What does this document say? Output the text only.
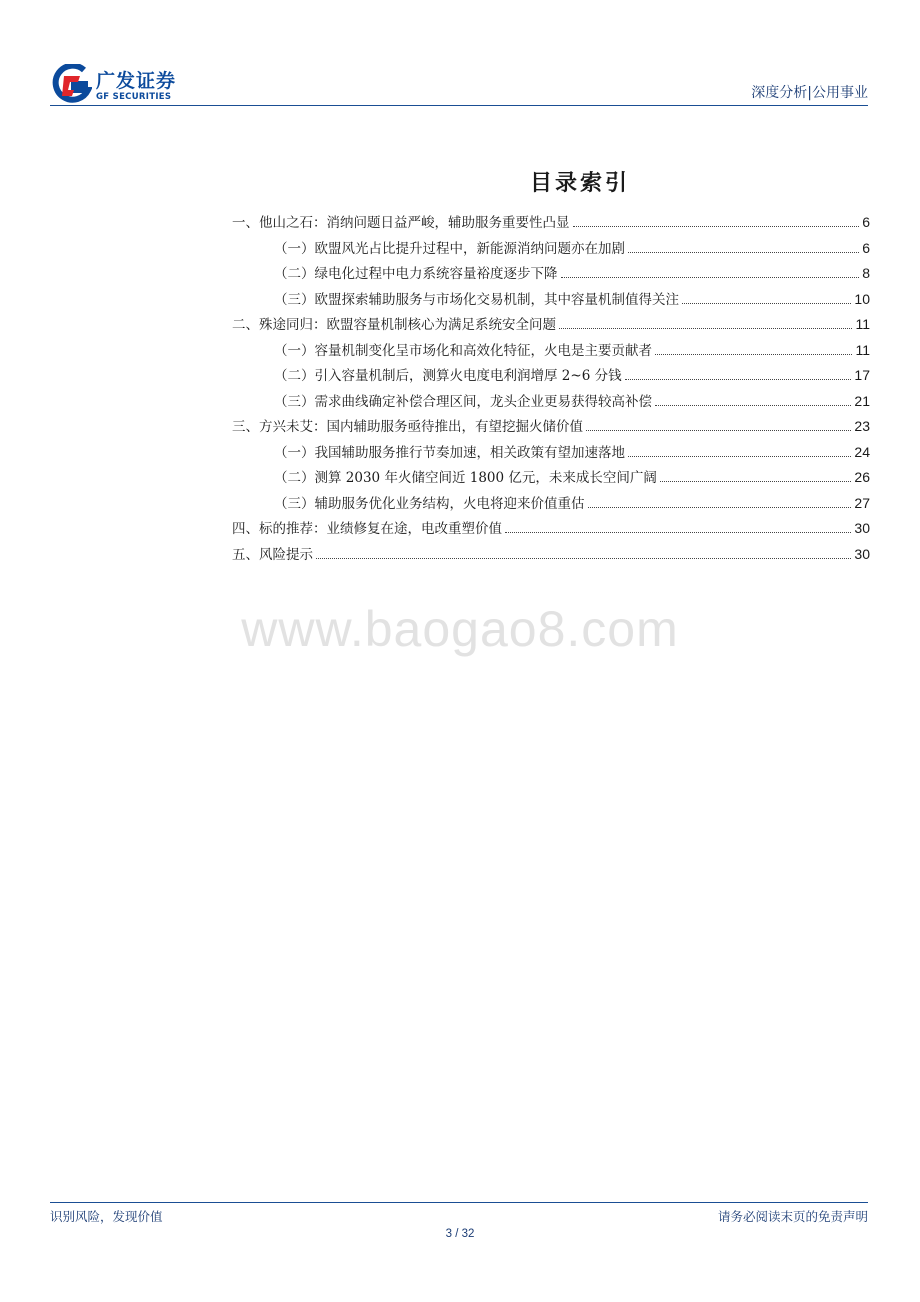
广发证券
GF SECURITIES	深度分析|公用事业
目录索引
一、他山之石：消纳问题日益严峻，辅助服务重要性凸显	6
（一）欧盟风光占比提升过程中，新能源消纳问题亦在加剧	6
（二）绿电化过程中电力系统容量裕度逐步下降	8
（三）欧盟探索辅助服务与市场化交易机制，其中容量机制值得关注	10
二、殊途同归：欧盟容量机制核心为满足系统安全问题	11
（一）容量机制变化呈市场化和高效化特征，火电是主要贡献者	11
（二）引入容量机制后，测算火电度电利润增厚 2~6 分钱	17
（三）需求曲线确定补偿合理区间，龙头企业更易获得较高补偿	21
三、方兴未艾：国内辅助服务亟待推出，有望挖掘火储价值	23
（一）我国辅助服务推行节奏加速，相关政策有望加速落地	24
（二）测算 2030 年火储空间近 1800 亿元，未来成长空间广阔	26
（三）辅助服务优化业务结构，火电将迎来价值重估	27
四、标的推荐：业绩修复在途，电改重塑价值	30
五、风险提示	30
www.baogao8.com
识别风险，发现价值	请务必阅读末页的免责声明
3 / 32
